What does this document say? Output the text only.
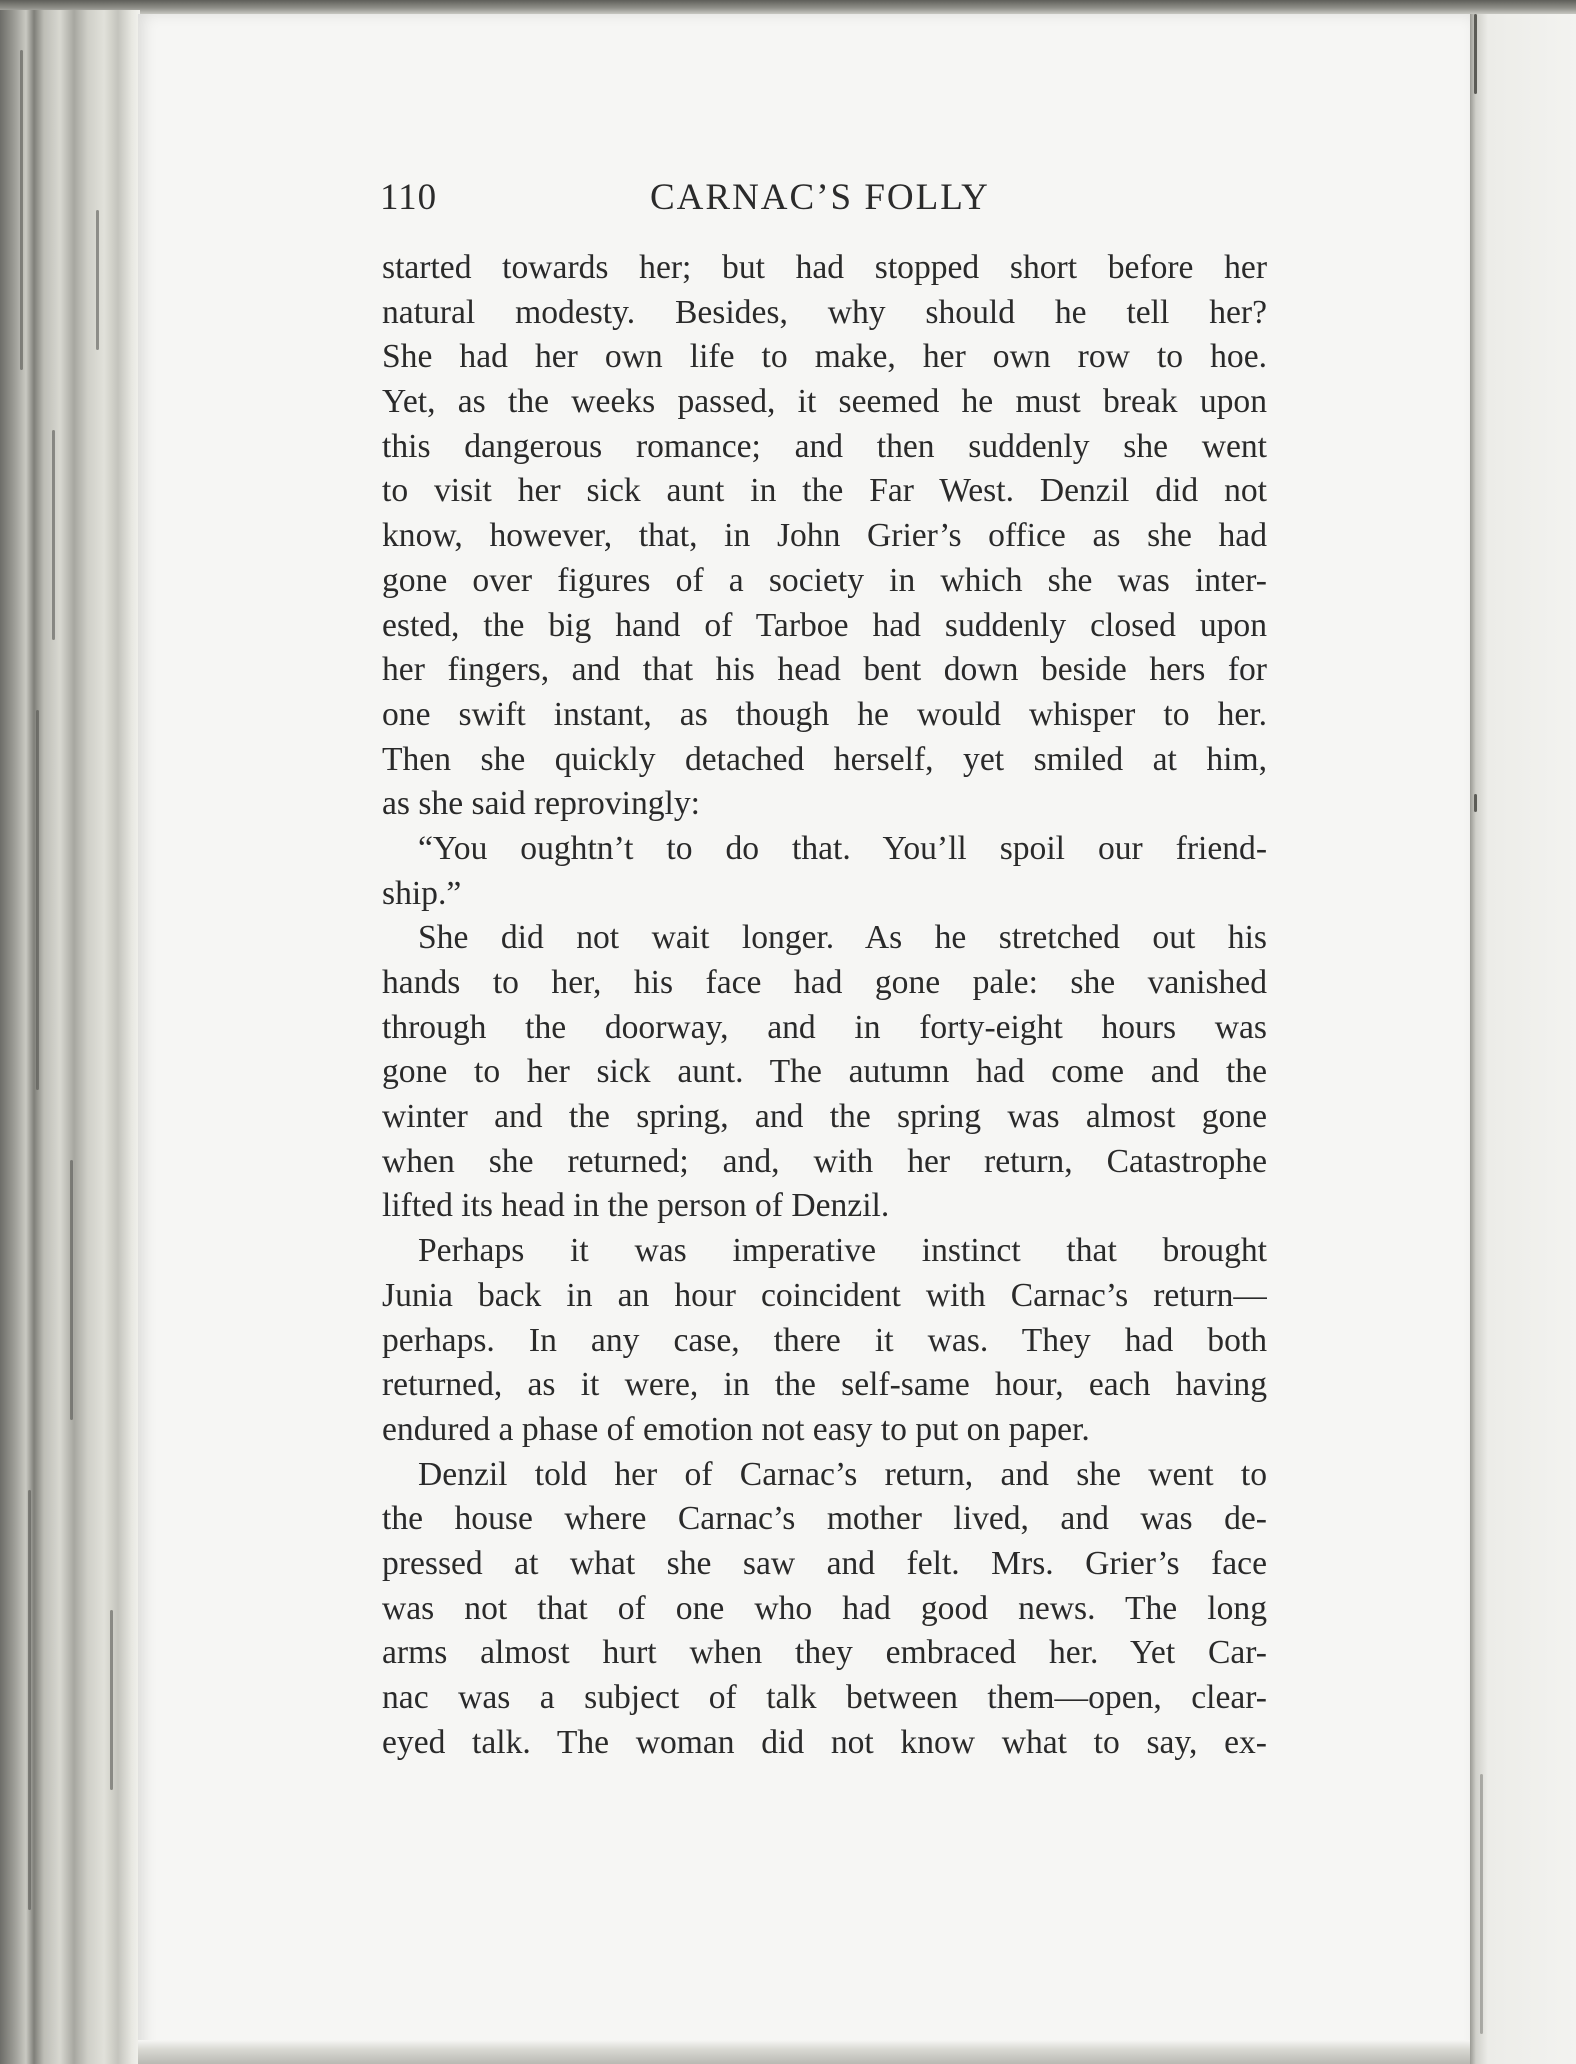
110	CARNAC’S FOLLY
started towards her; but had stopped short before her
natural modesty. Besides, why should he tell her?
She had her own life to make, her own row to hoe.
Yet, as the weeks passed, it seemed he must break upon
this dangerous romance; and then suddenly she went
to visit her sick aunt in the Far West. Denzil did not
know, however, that, in John Grier’s office as she had
gone over figures of a society in which she was inter-
ested, the big hand of Tarboe had suddenly closed upon
her fingers, and that his head bent down beside hers for
one swift instant, as though he would whisper to her.
Then she quickly detached herself, yet smiled at him,
as she said reprovingly:
“You oughtn’t to do that. You’ll spoil our friend-
ship.”
She did not wait longer. As he stretched out his
hands to her, his face had gone pale: she vanished
through the doorway, and in forty-eight hours was
gone to her sick aunt. The autumn had come and the
winter and the spring, and the spring was almost gone
when she returned; and, with her return, Catastrophe
lifted its head in the person of Denzil.
Perhaps it was imperative instinct that brought
Junia back in an hour coincident with Carnac’s return—
perhaps. In any case, there it was. They had both
returned, as it were, in the self-same hour, each having
endured a phase of emotion not easy to put on paper.
Denzil told her of Carnac’s return, and she went to
the house where Carnac’s mother lived, and was de-
pressed at what she saw and felt. Mrs. Grier’s face
was not that of one who had good news. The long
arms almost hurt when they embraced her. Yet Car-
nac was a subject of talk between them—open, clear-
eyed talk. The woman did not know what to say, ex-
